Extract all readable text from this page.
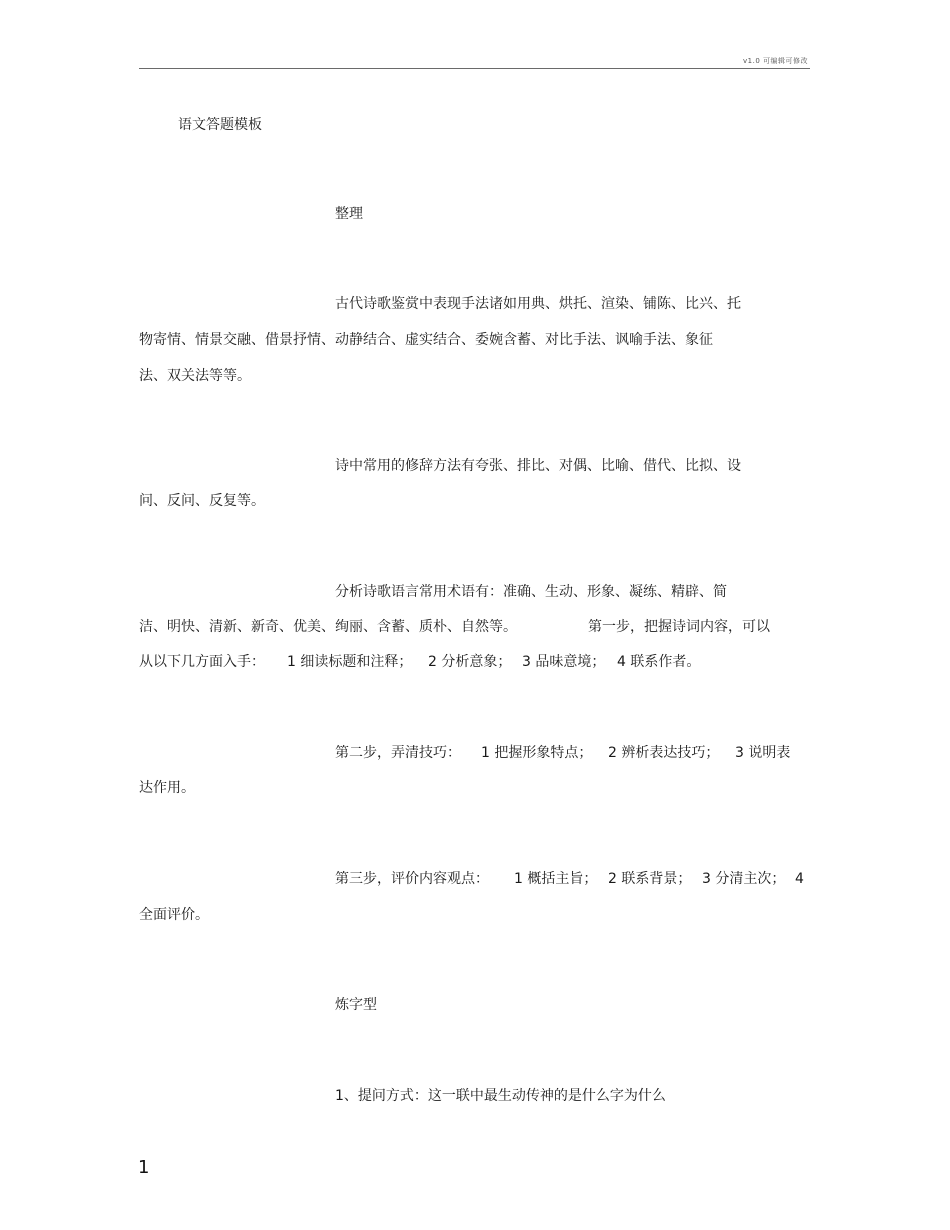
v1.0 可编辑可修改
语文答题模板
整理
古代诗歌鉴赏中表现手法诸如用典、烘托、渲染、铺陈、比兴、托
物寄情、情景交融、借景抒情、动静结合、虚实结合、委婉含蓄、对比手法、讽喻手法、象征
法、双关法等等。
诗中常用的修辞方法有夸张、排比、对偶、比喻、借代、比拟、设
问、反问、反复等。
分析诗歌语言常用术语有：准确、生动、形象、凝练、精辟、简
洁、明快、清新、新奇、优美、绚丽、含蓄、质朴、自然等。	第一步，把握诗词内容，可以
从以下几方面入手： 1 细读标题和注释； 2 分析意象； 3 品味意境； 4 联系作者。
第二步，弄清技巧： 1 把握形象特点； 2 辨析表达技巧； 3 说明表
达作用。
第三步，评价内容观点： 1 概括主旨； 2 联系背景； 3 分清主次； 4
全面评价。
炼字型
1、提问方式：这一联中最生动传神的是什么字为什么
1
